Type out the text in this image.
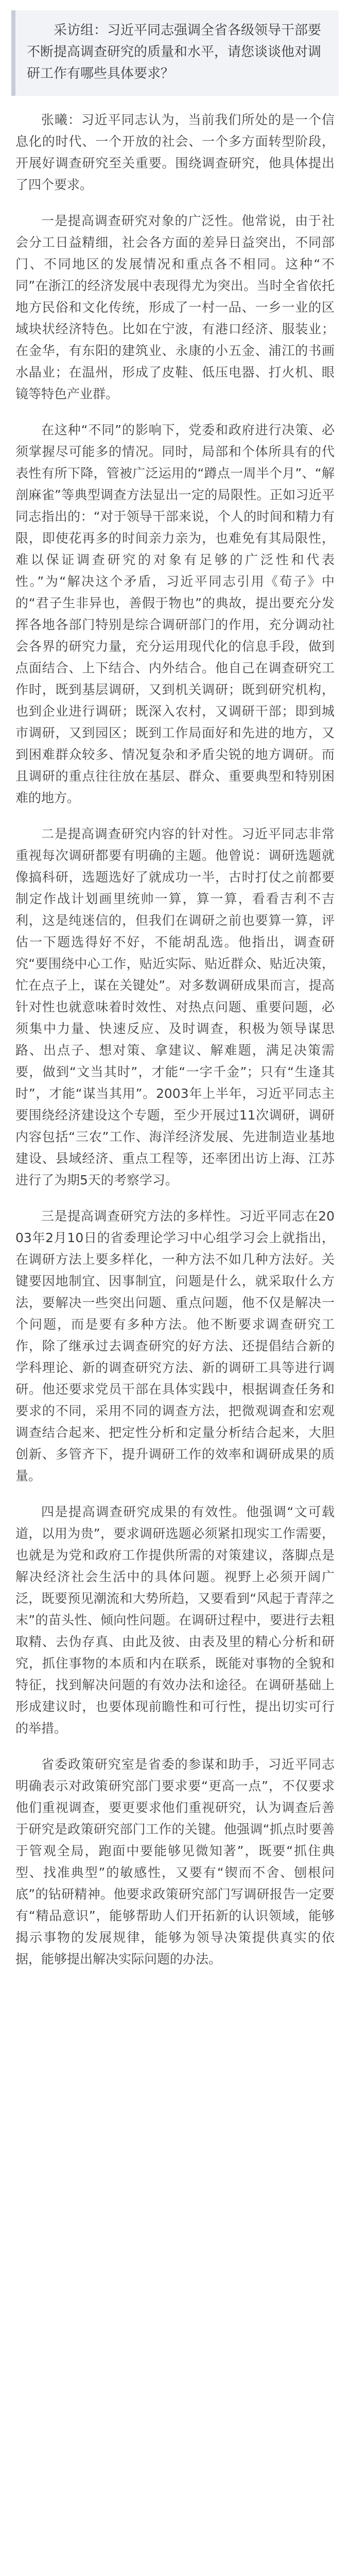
采访组：习近平同志强调全省各级领导干部要不断提高调查研究的质量和水平，请您谈谈他对调研工作有哪些具体要求？

张曦：习近平同志认为，当前我们所处的是一个信息化的时代、一个开放的社会、一个多方面转型阶段，开展好调查研究至关重要。围绕调查研究，他具体提出了四个要求。

一是提高调查研究对象的广泛性。他常说，由于社会分工日益精细，社会各方面的差异日益突出，不同部门、不同地区的发展情况和重点各不相同。这种“不同”在浙江的经济发展中表现得尤为突出。当时全省依托地方民俗和文化传统，形成了一村一品、一乡一业的区域块状经济特色。比如在宁波，有港口经济、服装业；在金华，有东阳的建筑业、永康的小五金、浦江的书画水晶业；在温州，形成了皮鞋、低压电器、打火机、眼镜等特色产业群。

在这种“不同”的影响下，党委和政府进行决策、必须掌握尽可能多的情况。同时，局部和个体所具有的代表性有所下降，管被广泛运用的“蹲点一周半个月”、“解剖麻雀”等典型调查方法显出一定的局限性。正如习近平同志指出的：“对于领导干部来说，个人的时间和精力有限，即使花再多的时间亲力亲为，也难免有其局限性，难以保证调查研究的对象有足够的广泛性和代表性。”为“解决这个矛盾，习近平同志引用《荀子》中的“君子生非异也，善假于物也”的典故，提出要充分发挥各地各部门特别是综合调研部门的作用，充分调动社会各界的研究力量，充分运用现代化的信息手段，做到点面结合、上下结合、内外结合。他自己在调查研究工作时，既到基层调研，又到机关调研；既到研究机构，也到企业进行调研；既深入农村，又调研干部；即到城市调研，又到园区；既到工作局面好和先进的地方，又到困难群众较多、情况复杂和矛盾尖锐的地方调研。而且调研的重点往往放在基层、群众、重要典型和特别困难的地方。

二是提高调查研究内容的针对性。习近平同志非常重视每次调研都要有明确的主题。他曾说：调研选题就像搞科研，选题选好了就成功一半，古时打仗之前都要制定作战计划画里统帅一算，算一算，看看吉利不吉利，这是纯迷信的，但我们在调研之前也要算一算，评估一下题选得好不好，不能胡乱选。他指出，调查研究“要围绕中心工作，贴近实际、贴近群众、贴近决策，忙在点子上，谋在关键处”。对多数调研成果而言，提高针对性也就意味着时效性、对热点问题、重要问题，必须集中力量、快速反应、及时调查，积极为领导谋思路、出点子、想对策、拿建议、解难题，满足决策需要，做到“文当其时”，才能“一字千金”；只有“生逢其时”，才能“谋当其用”。2003年上半年，习近平同志主要围绕经济建设这个专题，至少开展过11次调研，调研内容包括“三农”工作、海洋经济发展、先进制造业基地建设、县域经济、重点工程等，还率团出访上海、江苏进行了为期5天的考察学习。

三是提高调查研究方法的多样性。习近平同志在2003年2月10日的省委理论学习中心组学习会上就指出，在调研方法上要多样化，一种方法不如几种方法好。关键要因地制宜、因事制宜，问题是什么，就采取什么方法，要解决一些突出问题、重点问题，他不仅是解决一个问题，而是要有多种方法。他不断要求调查研究工作，除了继承过去调查研究的好方法、还提倡结合新的学科理论、新的调查研究方法、新的调研工具等进行调研。他还要求党员干部在具体实践中，根据调查任务和要求的不同，采用不同的调查方法，把微观调查和宏观调查结合起来、把定性分析和定量分析结合起来，大胆创新、多管齐下，提升调研工作的效率和调研成果的质量。

四是提高调查研究成果的有效性。他强调“文可载道，以用为贵”，要求调研选题必须紧扣现实工作需要，也就是为党和政府工作提供所需的对策建议，落脚点是解决经济社会生活中的具体问题。视野上必须开阔广泛，既要预见潮流和大势所趋，又要看到“风起于青萍之末”的苗头性、倾向性问题。在调研过程中，要进行去粗取精、去伪存真、由此及彼、由表及里的精心分析和研究，抓住事物的本质和内在联系，既能对事物的全貌和特征，找到解决问题的有效办法和途径。在调研基础上形成建议时，也要体现前瞻性和可行性，提出切实可行的举措。

省委政策研究室是省委的参谋和助手，习近平同志明确表示对政策研究部门要求要“更高一点”，不仅要求他们重视调查，要更要求他们重视研究，认为调查后善于研究是政策研究部门工作的关键。他强调“抓点时要善于管观全局，跑面中要能够见微知著”，既要“抓住典型、找准典型”的敏感性，又要有“锲而不舍、刨根问底”的钻研精神。他要求政策研究部门写调研报告一定要有“精品意识”，能够帮助人们开拓新的认识领域，能够揭示事物的发展规律，能够为领导决策提供真实的依据，能够提出解决实际问题的办法。
